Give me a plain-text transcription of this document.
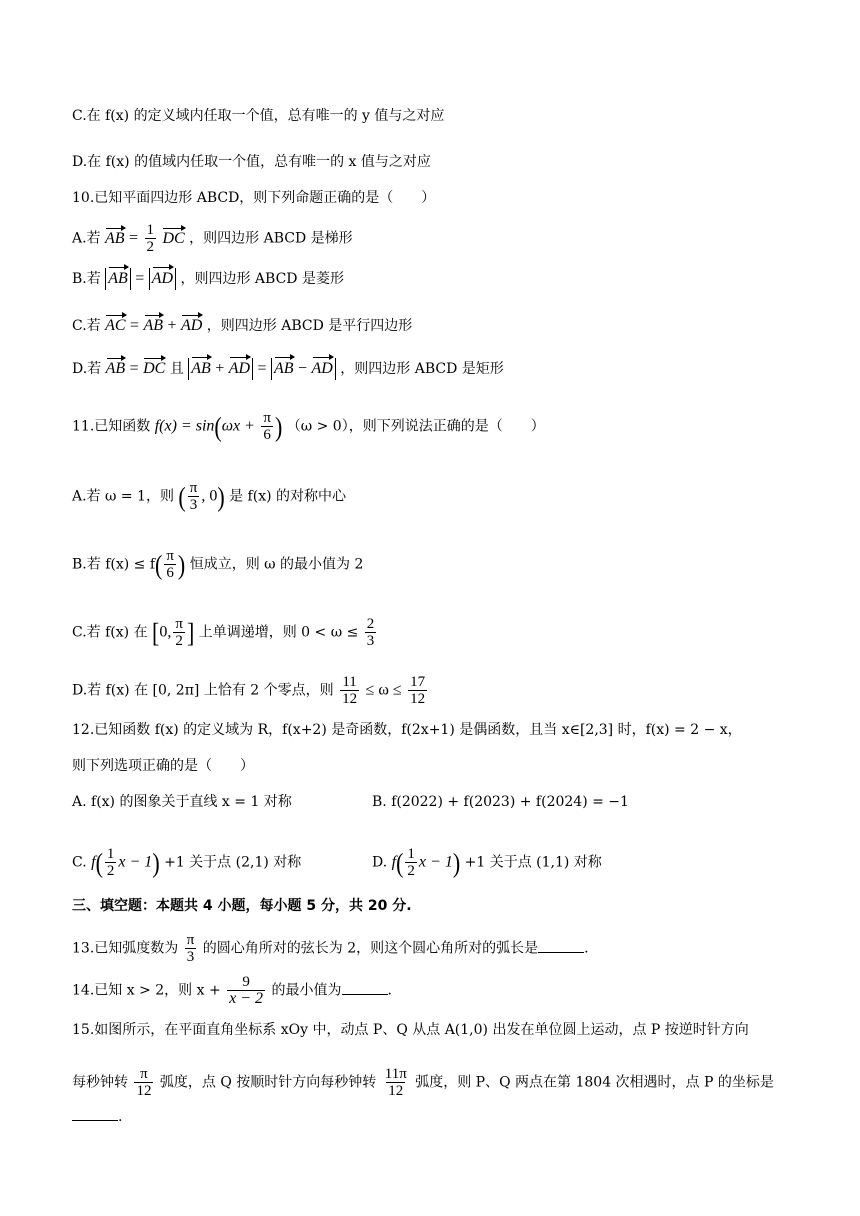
C.在 f(x) 的定义域内任取一个值，总有唯一的 y 值与之对应
D.在 f(x) 的值域内任取一个值，总有唯一的 x 值与之对应
10.已知平面四边形 ABCD，则下列命题正确的是（　　）
A.若 AB = $\frac{1}{2}$ DC ，则四边形 ABCD 是梯形
B.若 AB = AD ，则四边形 ABCD 是菱形
C.若 AC = AB + AD ，则四边形 ABCD 是平行四边形
D.若 AB = DC 且 AB + AD = AB − AD ，则四边形 ABCD 是矩形
11.已知函数 $f(x) = \sin(\omega x + \frac{\pi}{6}$ ) （ω > 0），则下列说法正确的是（　　）
A.若 ω = 1，则 ( $\frac{\pi}{3}$ , 0) 是 f(x) 的对称中心
B.若 $f(x) \le f( \frac{\pi}{6}$ ) 恒成立，则 ω 的最小值为 2
C.若 f(x) 在 [0, $\frac{\pi}{2}$ ] 上单调递增，则 $0 < \omega \le \frac{2}{3}$
D.若 f(x) 在 [0, 2π] 上恰有 2 个零点，则 $\frac{11}{12} \le \omega \le \frac{17}{12}$
12.已知函数 f(x) 的定义域为 R，f(x+2) 是奇函数，f(2x+1) 是偶函数，且当 x∈[2,3] 时，f(x) = 2 − x，
则下列选项正确的是（　　）
A. f(x) 的图象关于直线 x = 1 对称	B. f(2022) + f(2023) + f(2024) = −1
C. $f( \frac{1}{2}$ x − 1) +1 关于点 (2,1) 对称	D. $f( \frac{1}{2}$ x − 1) +1 关于点 (1,1) 对称
三、填空题：本题共 4 小题，每小题 5 分，共 20 分.
13.已知弧度数为 $\frac{\pi}{3}$ 的圆心角所对的弦长为 2，则这个圆心角所对的弧长是	.
14.已知 x > 2，则 $x + \frac{9}{x - 2}$ 的最小值为	.
15.如图所示，在平面直角坐标系 xOy 中，动点 P、Q 从点 A(1,0) 出发在单位圆上运动，点 P 按逆时针方向
每秒钟转 $\frac{\pi}{12}$ 弧度，点 Q 按顺时针方向每秒钟转 $\frac{11\pi}{12}$ 弧度，则 P、Q 两点在第 1804 次相遇时，点 P 的坐标是
.
